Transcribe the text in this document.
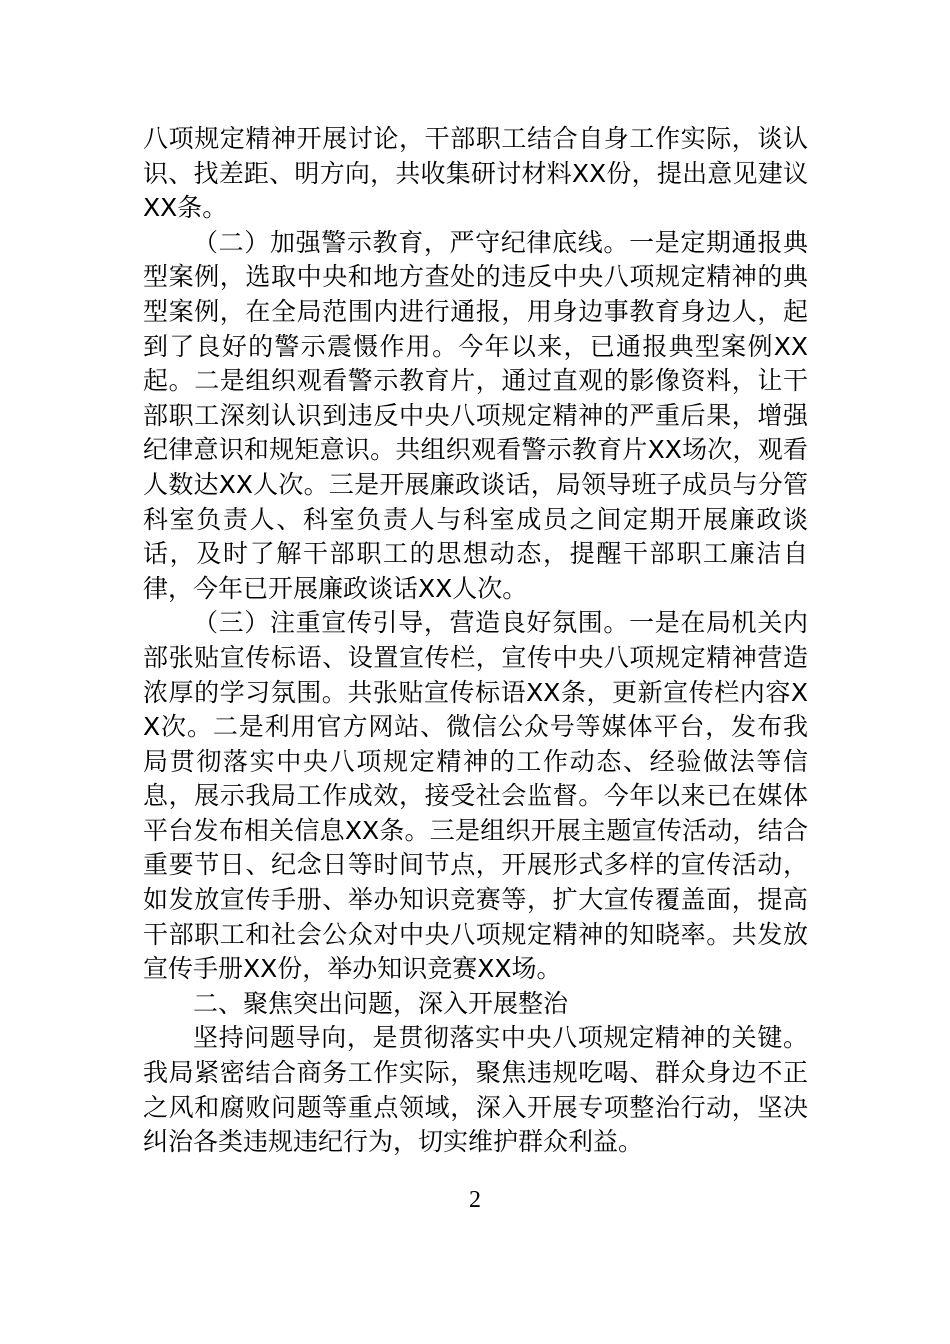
八项规定精神开展讨论，干部职工结合自身工作实际，谈认识、找差距、明方向，共收集研讨材料XX份，提出意见建议XX条。

（二）加强警示教育，严守纪律底线。一是定期通报典型案例，选取中央和地方查处的违反中央八项规定精神的典型案例，在全局范围内进行通报，用身边事教育身边人，起到了良好的警示震慑作用。今年以来，已通报典型案例XX起。二是组织观看警示教育片，通过直观的影像资料，让干部职工深刻认识到违反中央八项规定精神的严重后果，增强纪律意识和规矩意识。共组织观看警示教育片XX场次，观看人数达XX人次。三是开展廉政谈话，局领导班子成员与分管科室负责人、科室负责人与科室成员之间定期开展廉政谈话，及时了解干部职工的思想动态，提醒干部职工廉洁自律，今年已开展廉政谈话XX人次。

（三）注重宣传引导，营造良好氛围。一是在局机关内部张贴宣传标语、设置宣传栏，宣传中央八项规定精神营造浓厚的学习氛围。共张贴宣传标语XX条，更新宣传栏内容XX次。二是利用官方网站、微信公众号等媒体平台，发布我局贯彻落实中央八项规定精神的工作动态、经验做法等信息，展示我局工作成效，接受社会监督。今年以来已在媒体平台发布相关信息XX条。三是组织开展主题宣传活动，结合重要节日、纪念日等时间节点，开展形式多样的宣传活动，如发放宣传手册、举办知识竞赛等，扩大宣传覆盖面，提高干部职工和社会公众对中央八项规定精神的知晓率。共发放宣传手册XX份，举办知识竞赛XX场。

二、聚焦突出问题，深入开展整治

坚持问题导向，是贯彻落实中央八项规定精神的关键。我局紧密结合商务工作实际，聚焦违规吃喝、群众身边不正之风和腐败问题等重点领域，深入开展专项整治行动，坚决纠治各类违规违纪行为，切实维护群众利益。

2
